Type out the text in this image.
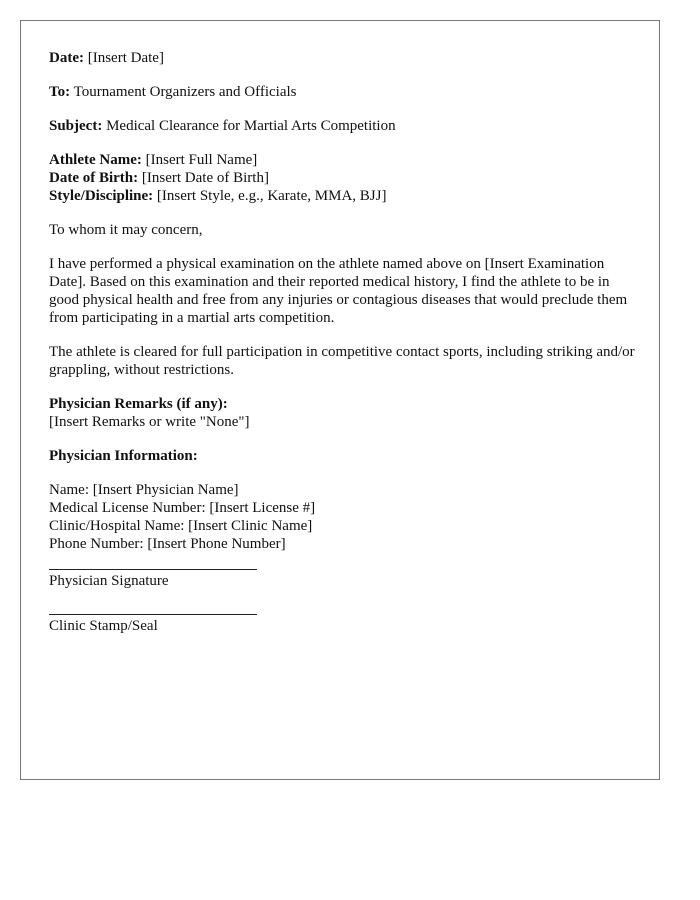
Date: [Insert Date]

To: Tournament Organizers and Officials

Subject: Medical Clearance for Martial Arts Competition

Athlete Name: [Insert Full Name]

Date of Birth: [Insert Date of Birth]

Style/Discipline: [Insert Style, e.g., Karate, MMA, BJJ]

To whom it may concern,

I have performed a physical examination on the athlete named above on [Insert Examination Date]. Based on this examination and their reported medical history, I find the athlete to be in good physical health and free from any injuries or contagious diseases that would preclude them from participating in a martial arts competition.

The athlete is cleared for full participation in competitive contact sports, including striking and/or grappling, without restrictions.

Physician Remarks (if any):

[Insert Remarks or write "None"]

Physician Information:

Name: [Insert Physician Name]

Medical License Number: [Insert License #]

Clinic/Hospital Name: [Insert Clinic Name]

Phone Number: [Insert Phone Number]

Physician Signature

Clinic Stamp/Seal
